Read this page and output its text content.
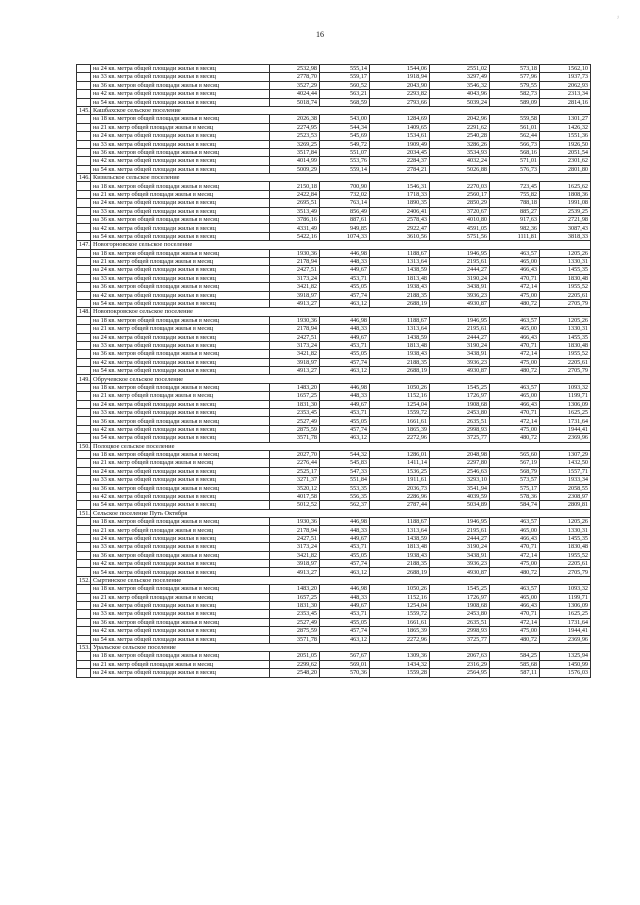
16
ⱼ
	на 24 кв. метра общей площади жилья в месяц	2532,98	555,14	1544,06	2551,02	573,18	1562,10
	на 33 кв. метра общей площади жилья в месяц	2778,70	559,17	1918,94	3297,49	577,96	1937,73
	на 36 кв. метров общей площади жилья в месяц	3527,29	560,52	2043,90	3546,32	579,55	2062,93
	на 42 кв. метра общей площади жилья в месяц	4024,44	563,21	2293,82	4043,96	582,73	2313,34
	на 54 кв. метра общей площади жилья в месяц	5018,74	568,59	2793,66	5039,24	589,09	2814,16
145.	Кашбахское сельское поселение						
	на 18 кв. метров общей площади жилья в месяц	2026,38	543,00	1284,69	2042,96	559,58	1301,27
	на 21 кв. метр общей площади жилья в месяц	2274,95	544,34	1409,65	2291,62	561,01	1426,32
	на 24 кв. метра общей площади жилья в месяц	2523,53	545,69	1534,61	2540,28	562,44	1551,36
	на 33 кв. метра общей площади жилья в месяц	3269,25	549,72	1909,49	3286,26	566,73	1926,50
	на 36 кв. метров общей площади жилья в месяц	3517,84	551,07	2034,45	3534,93	568,16	2051,54
	на 42 кв. метра общей площади жилья в месяц	4014,99	553,76	2284,37	4032,24	571,01	2301,62
	на 54 кв. метра общей площади жилья в месяц	5009,29	559,14	2784,21	5026,88	576,73	2801,80
146.	Кизильское сельское поселение						
	на 18 кв. метров общей площади жилья в месяц	2150,18	700,90	1546,31	2270,03	723,45	1625,62
	на 21 кв. метр общей площади жилья в месяц	2422,84	732,02	1718,33	2560,17	755,82	1808,36
	на 24 кв. метра общей площади жилья в месяц	2695,51	763,14	1890,35	2850,29	788,18	1991,08
	на 33 кв. метра общей площади жилья в месяц	3513,49	856,49	2406,41	3720,67	885,27	2539,25
	на 36 кв. метров общей площади жилья в месяц	3786,16	887,61	2578,43	4010,80	917,63	2721,98
	на 42 кв. метра общей площади жилья в месяц	4331,49	949,85	2922,47	4591,05	982,36	3087,43
	на 54 кв. метра общей площади жилья в месяц	5422,16	1074,33	3610,56	5751,56	1111,81	3818,33
147.	Новогорновское сельское поселение						
	на 18 кв. метров общей площади жилья в месяц	1930,36	446,98	1188,67	1946,95	463,57	1205,26
	на 21 кв. метр общей площади жилья в месяц	2178,94	448,33	1313,64	2195,61	465,00	1330,31
	на 24 кв. метра общей площади жилья в месяц	2427,51	449,67	1438,59	2444,27	466,43	1455,35
	на 33 кв. метра общей площади жилья в месяц	3173,24	453,71	1813,48	3190,24	470,71	1830,48
	на 36 кв. метров общей площади жилья в месяц	3421,82	455,05	1938,43	3438,91	472,14	1955,52
	на 42 кв. метра общей площади жилья в месяц	3918,97	457,74	2188,35	3936,23	475,00	2205,61
	на 54 кв. метра общей площади жилья в месяц	4913,27	463,12	2688,19	4930,87	480,72	2705,79
148.	Новопокровское сельское поселение						
	на 18 кв. метров общей площади жилья в месяц	1930,36	446,98	1188,67	1946,95	463,57	1205,26
	на 21 кв. метр общей площади жилья в месяц	2178,94	448,33	1313,64	2195,61	465,00	1330,31
	на 24 кв. метра общей площади жилья в месяц	2427,51	449,67	1438,59	2444,27	466,43	1455,35
	на 33 кв. метра общей площади жилья в месяц	3173,24	453,71	1813,48	3190,24	470,71	1830,48
	на 36 кв. метров общей площади жилья в месяц	3421,82	455,05	1938,43	3438,91	472,14	1955,52
	на 42 кв. метра общей площади жилья в месяц	3918,97	457,74	2188,35	3936,23	475,00	2205,61
	на 54 кв. метра общей площади жилья в месяц	4913,27	463,12	2688,19	4930,87	480,72	2705,79
149.	Обручевское сельское поселение						
	на 18 кв. метров общей площади жилья в месяц	1483,20	446,98	1050,26	1545,25	463,57	1093,32
	на 21 кв. метр общей площади жилья в месяц	1657,25	448,33	1152,16	1726,97	465,00	1199,71
	на 24 кв. метра общей площади жилья в месяц	1831,30	449,67	1254,04	1908,68	466,43	1306,09
	на 33 кв. метра общей площади жилья в месяц	2353,45	453,71	1559,72	2453,80	470,71	1625,25
	на 36 кв. метров общей площади жилья в месяц	2527,49	455,05	1661,61	2635,51	472,14	1731,64
	на 42 кв. метра общей площади жилья в месяц	2875,59	457,74	1865,39	2998,93	475,00	1944,41
	на 54 кв. метра общей площади жилья в месяц	3571,78	463,12	2272,96	3725,77	480,72	2369,96
150.	Полоцкое сельское поселение						
	на 18 кв. метров общей площади жилья в месяц	2027,70	544,32	1286,01	2048,98	565,60	1307,29
	на 21 кв. метр общей площади жилья в месяц	2276,44	545,83	1411,14	2297,80	567,19	1432,50
	на 24 кв. метра общей площади жилья в месяц	2525,17	547,33	1536,25	2546,63	568,79	1557,71
	на 33 кв. метра общей площади жилья в месяц	3271,37	551,84	1911,61	3293,10	573,57	1933,34
	на 36 кв. метров общей площади жилья в месяц	3520,12	553,35	2036,73	3541,94	575,17	2058,55
	на 42 кв. метра общей площади жилья в месяц	4017,58	556,35	2286,96	4039,59	578,36	2308,97
	на 54 кв. метра общей площади жилья в месяц	5012,52	562,37	2787,44	5034,89	584,74	2809,81
151.	Сельское поселение Путь Октября						
	на 18 кв. метров общей площади жилья в месяц	1930,36	446,98	1188,67	1946,95	463,57	1205,26
	на 21 кв. метр общей площади жилья в месяц	2178,94	448,33	1313,64	2195,61	465,00	1330,31
	на 24 кв. метра общей площади жилья в месяц	2427,51	449,67	1438,59	2444,27	466,43	1455,35
	на 33 кв. метра общей площади жилья в месяц	3173,24	453,71	1813,48	3190,24	470,71	1830,48
	на 36 кв. метров общей площади жилья в месяц	3421,82	455,05	1938,43	3438,91	472,14	1955,52
	на 42 кв. метра общей площади жилья в месяц	3918,97	457,74	2188,35	3936,23	475,00	2205,61
	на 54 кв. метра общей площади жилья в месяц	4913,27	463,12	2688,19	4930,87	480,72	2705,79
152.	Сыртинское сельское поселение						
	на 18 кв. метров общей площади жилья в месяц	1483,20	446,98	1050,26	1545,25	463,57	1093,32
	на 21 кв. метр общей площади жилья в месяц	1657,25	448,33	1152,16	1726,97	465,00	1199,71
	на 24 кв. метра общей площади жилья в месяц	1831,30	449,67	1254,04	1908,68	466,43	1306,09
	на 33 кв. метра общей площади жилья в месяц	2353,45	453,71	1559,72	2453,80	470,71	1625,25
	на 36 кв. метров общей площади жилья в месяц	2527,49	455,05	1661,61	2635,51	472,14	1731,64
	на 42 кв. метра общей площади жилья в месяц	2875,59	457,74	1865,39	2998,93	475,00	1944,41
	на 54 кв. метра общей площади жилья в месяц	3571,78	463,12	2272,96	3725,77	480,72	2369,96
153.	Уральское сельское поселение						
	на 18 кв. метров общей площади жилья в месяц	2051,05	567,67	1309,36	2067,63	584,25	1325,94
	на 21 кв. метр общей площади жилья в месяц	2299,62	569,01	1434,32	2316,29	585,68	1450,99
	на 24 кв. метра общей площади жилья в месяц	2548,20	570,36	1559,28	2564,95	587,11	1576,03
